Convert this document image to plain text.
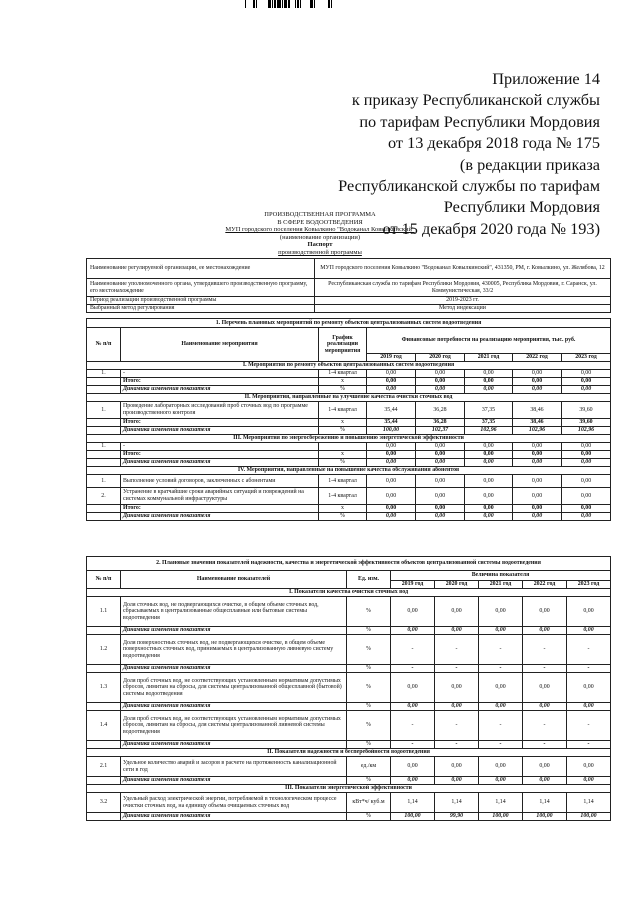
Приложение 14
к приказу Республиканской службы
по тарифам Республики Мордовия
от 13 декабря 2018 года № 175
(в редакции приказа
Республиканской службы по тарифам
Республики Мордовия
от 15 декабря 2020 года № 193)
ПРОИЗВОДСТВЕННАЯ ПРОГРАММА
В СФЕРЕ ВОДООТВЕДЕНИЯ
МУП городского поселения Ковылкино "Водоканал Ковылкинский"
(наименование организации)
Паспорт
производственной программы
Наименование регулируемой организации, ее местонахождение	МУП городского поселения Ковылкино "Водоканал Ковылкинский", 431350, РМ, г. Ковылкино, ул. Желябова, 12
Наименование уполномоченного органа, утвердившего производственную программу, его местонахождение	Республиканская служба по тарифам Республики Мордовия, 430005, Республика Мордовия, г. Саранск, ул. Коммунистическая, 33/2
Период реализации производственной программы	2019-2023 гг.
Выбранный метод регулирования	Метод индексации
1. Перечень плановых мероприятий по ремонту объектов централизованных систем водоотведения							
№ п/п	Наименование мероприятия	График реализации мероприятия	Финансовые потребности на реализацию мероприятия, тыс. руб.				
			2019 год	2020 год	2021 год	2022 год	2023 год
I. Мероприятия по ремонту объектов централизованных систем водоотведения							
1.	-	1-4 квартал	0,00	0,00	0,00	0,00	0,00
	Итого:	х	0,00	0,00	0,00	0,00	0,00
	Динамика изменения показателя	%	0,00	0,00	0,00	0,00	0,00
II. Мероприятия, направленные на улучшение качества очистки сточных вод							
1.	Проведение лабораторных исследований проб сточных вод по программе производственного контроля	1-4 квартал	35,44	36,28	37,35	38,46	39,60
	Итого:	х	35,44	36,28	37,35	38,46	39,60
	Динамика изменения показателя	%	100,00	102,37	102,96	102,96	102,96
III. Мероприятия по энергосбережению и повышению энергетической эффективности							
1.	-		0,00	0,00	0,00	0,00	0,00
	Итого:	х	0,00	0,00	0,00	0,00	0,00
	Динамика изменения показателя	%	0,00	0,00	0,00	0,00	0,00
IV. Мероприятия, направленные на повышение качества обслуживания абонентов							
1.	Выполнение условий договоров, заключенных с абонентами	1-4 квартал	0,00	0,00	0,00	0,00	0,00
2.	Устранение в кратчайшие сроки аварийных ситуаций и повреждений на системах коммунальной инфраструктуры	1-4 квартал	0,00	0,00	0,00	0,00	0,00
	Итого:	х	0,00	0,00	0,00	0,00	0,00
	Динамика изменения показателя	%	0,00	0,00	0,00	0,00	0,00
2. Плановые значения показателей надежности, качества и энергетической эффективности объектов централизованной системы водоотведения							
№ п/п	Наименование показателей	Ед. изм.	Величина показателя				
			2019 год	2020 год	2021 год	2022 год	2023 год
I. Показатели качества очистки сточных вод							
1.1	Доля сточных вод, не подвергающихся очистке, в общем объеме сточных вод, сбрасываемых в централизованные общесплавные или бытовые системы водоотведения	%	0,00	0,00	0,00	0,00	0,00
	Динамика изменения показателя	%	0,00	0,00	0,00	0,00	0,00
1.2	Доля поверхностных сточных вод, не подвергающихся очистке, в общем объеме поверхностных сточных вод, принимаемых в централизованную ливневую систему водоотведения	%	-	-	-	-	-
	Динамика изменения показателя	%	-	-	-	-	-
1.3	Доля проб сточных вод, не соответствующих установленным нормативам допустимых сбросов, лимитам на сбросы, для системы централизованной общесплавной (бытовой) системы водоотведения	%	0,00	0,00	0,00	0,00	0,00
	Динамика изменения показателя	%	0,00	0,00	0,00	0,00	0,00
1.4	Доля проб сточных вод, не соответствующих установленным нормативам допустимых сбросов, лимитам на сбросы, для системы централизованной ливневой системы водоотведения	%	-	-	-	-	-
	Динамика изменения показателя	%	-	-	-	-	-
II. Показатели надежности и бесперебойности водоотведения							
2.1	Удельное количество аварий и засоров в расчете на протяженность канализационной сети в год	ед./км	0,00	0,00	0,00	0,00	0,00
	Динамика изменения показателя	%	0,00	0,00	0,00	0,00	0,00
III. Показатели энергетической эффективности							
3.2	Удельный расход электрической энергии, потребляемой в технологическом процессе очистки сточных вод, на единицу объема очищаемых сточных вод	кВт*ч/ куб.м	1,14	1,14	1,14	1,14	1,14
	Динамика изменения показателя	%	100,00	99,90	100,00	100,00	100,00
